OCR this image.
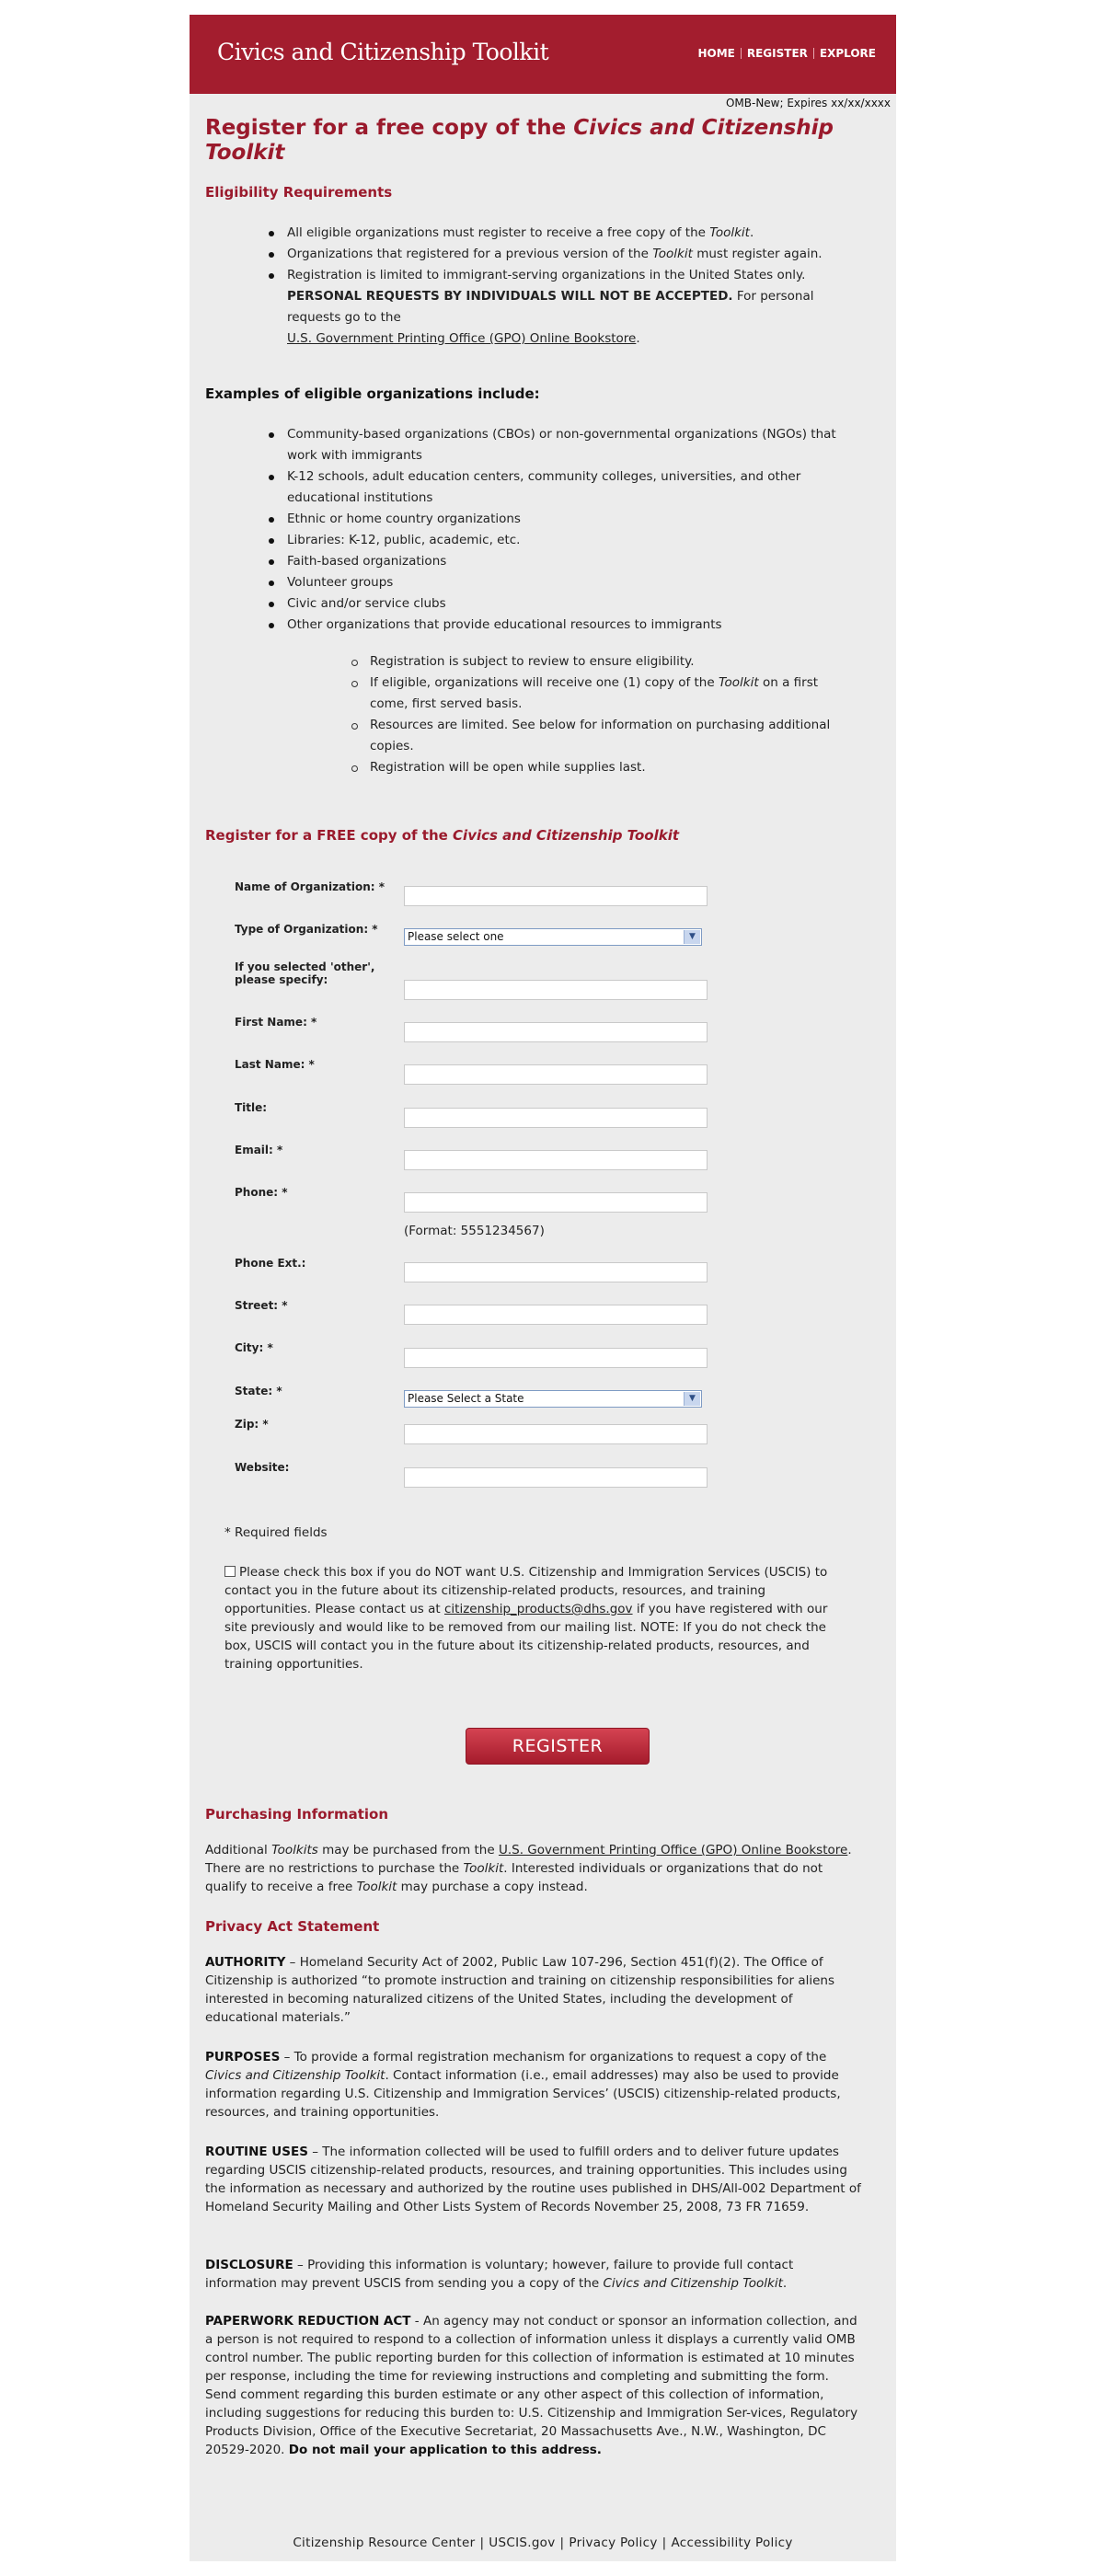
Civics and Citizenship Toolkit	HOME	REGISTER	EXPLORE
OMB-New; Expires xx/xx/xxxx
Register for a free copy of the Civics and Citizenship Toolkit
Eligibility Requirements
All eligible organizations must register to receive a free copy of the Toolkit.
Organizations that registered for a previous version of the Toolkit must register again.
Registration is limited to immigrant-serving organizations in the United States only.
PERSONAL REQUESTS BY INDIVIDUALS WILL NOT BE ACCEPTED. For personal requests go to the
U.S. Government Printing Office (GPO) Online Bookstore.
Examples of eligible organizations include:
Community-based organizations (CBOs) or non-governmental organizations (NGOs) that work with immigrants
K-12 schools, adult education centers, community colleges, universities, and other educational institutions
Ethnic or home country organizations
Libraries: K-12, public, academic, etc.
Faith-based organizations
Volunteer groups
Civic and/or service clubs
Other organizations that provide educational resources to immigrants
Registration is subject to review to ensure eligibility.
If eligible, organizations will receive one (1) copy of the Toolkit on a first come, first served basis.
Resources are limited. See below for information on purchasing additional copies.
Registration will be open while supplies last.
Register for a FREE copy of the Civics and Citizenship Toolkit
Name of Organization: *
Type of Organization: *
Please select one	▼
If you selected 'other', please specify:
First Name: *
Last Name: *
Title:
Email: *
Phone: *
(Format: 5551234567)
Phone Ext.:
Street: *
City: *
State: *
Please Select a State	▼
Zip: *
Website:
* Required fields

Please check this box if you do NOT want U.S. Citizenship and Immigration Services (USCIS) to contact you in the future about its citizenship-related products, resources, and training opportunities. Please contact us at citizenship_products@dhs.gov if you have registered with our site previously and would like to be removed from our mailing list. NOTE: If you do not check the box, USCIS will contact you in the future about its citizenship-related products, resources, and training opportunities.

REGISTER
Purchasing Information

Additional Toolkits may be purchased from the U.S. Government Printing Office (GPO) Online Bookstore. There are no restrictions to purchase the Toolkit. Interested individuals or organizations that do not qualify to receive a free Toolkit may purchase a copy instead.

Privacy Act Statement

AUTHORITY – Homeland Security Act of 2002, Public Law 107-296, Section 451(f)(2). The Office of Citizenship is authorized “to promote instruction and training on citizenship responsibilities for aliens interested in becoming naturalized citizens of the United States, including the development of educational materials.”

PURPOSES – To provide a formal registration mechanism for organizations to request a copy of the Civics and Citizenship Toolkit. Contact information (i.e., email addresses) may also be used to provide information regarding U.S. Citizenship and Immigration Services’ (USCIS) citizenship-related products, resources, and training opportunities.

ROUTINE USES – The information collected will be used to fulfill orders and to deliver future updates regarding USCIS citizenship-related products, resources, and training opportunities. This includes using the information as necessary and authorized by the routine uses published in DHS/All-002 Department of Homeland Security Mailing and Other Lists System of Records November 25, 2008, 73 FR 71659.

DISCLOSURE – Providing this information is voluntary; however, failure to provide full contact information may prevent USCIS from sending you a copy of the Civics and Citizenship Toolkit.

PAPERWORK REDUCTION ACT - An agency may not conduct or sponsor an information collection, and a person is not required to respond to a collection of information unless it displays a currently valid OMB control number. The public reporting burden for this collection of information is estimated at 10 minutes per response, including the time for reviewing instructions and completing and submitting the form. Send comment regarding this burden estimate or any other aspect of this collection of information, including suggestions for reducing this burden to: U.S. Citizenship and Immigration Ser-vices, Regulatory Products Division, Office of the Executive Secretariat, 20 Massachusetts Ave., N.W., Washington, DC 20529-2020. Do not mail your application to this address.

Citizenship Resource Center | USCIS.gov | Privacy Policy | Accessibility Policy
